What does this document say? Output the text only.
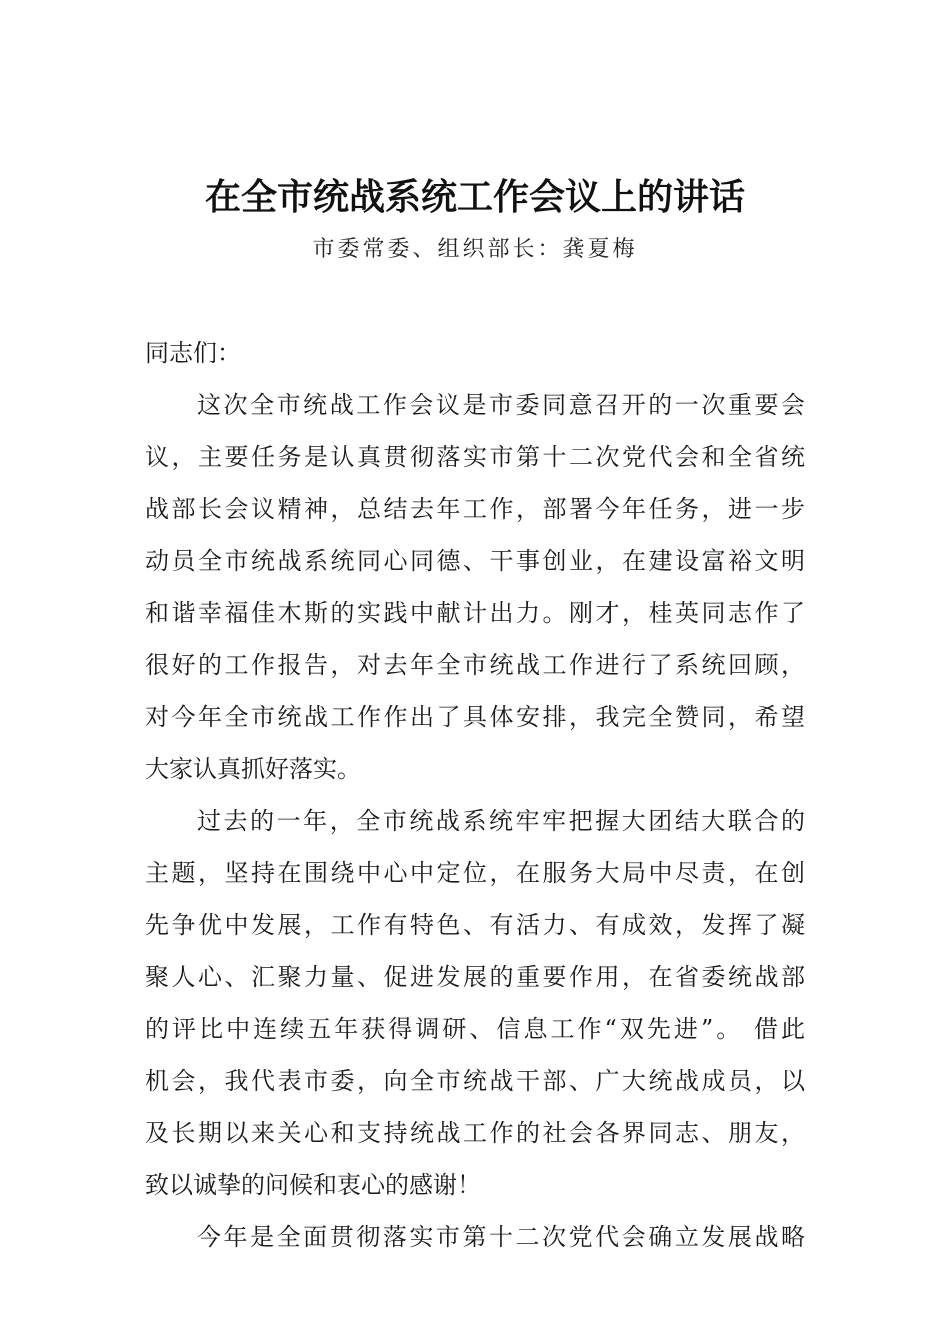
在全市统战系统工作会议上的讲话
市委常委、组织部长：龚夏梅
同志们：
这次全市统战工作会议是市委同意召开的一次重要会
议，主要任务是认真贯彻落实市第十二次党代会和全省统
战部长会议精神，总结去年工作，部署今年任务，进一步
动员全市统战系统同心同德、干事创业，在建设富裕文明
和谐幸福佳木斯的实践中献计出力。刚才，桂英同志作了
很好的工作报告，对去年全市统战工作进行了系统回顾，
对今年全市统战工作作出了具体安排，我完全赞同，希望
大家认真抓好落实。
过去的一年，全市统战系统牢牢把握大团结大联合的
主题，坚持在围绕中心中定位，在服务大局中尽责，在创
先争优中发展，工作有特色、有活力、有成效，发挥了凝
聚人心、汇聚力量、促进发展的重要作用，在省委统战部
的评比中连续五年获得调研、信息工作“双先进”。 借此
机会，我代表市委，向全市统战干部、广大统战成员，以
及长期以来关心和支持统战工作的社会各界同志、朋友，
致以诚挚的问候和衷心的感谢！
今年是全面贯彻落实市第十二次党代会确立发展战略
